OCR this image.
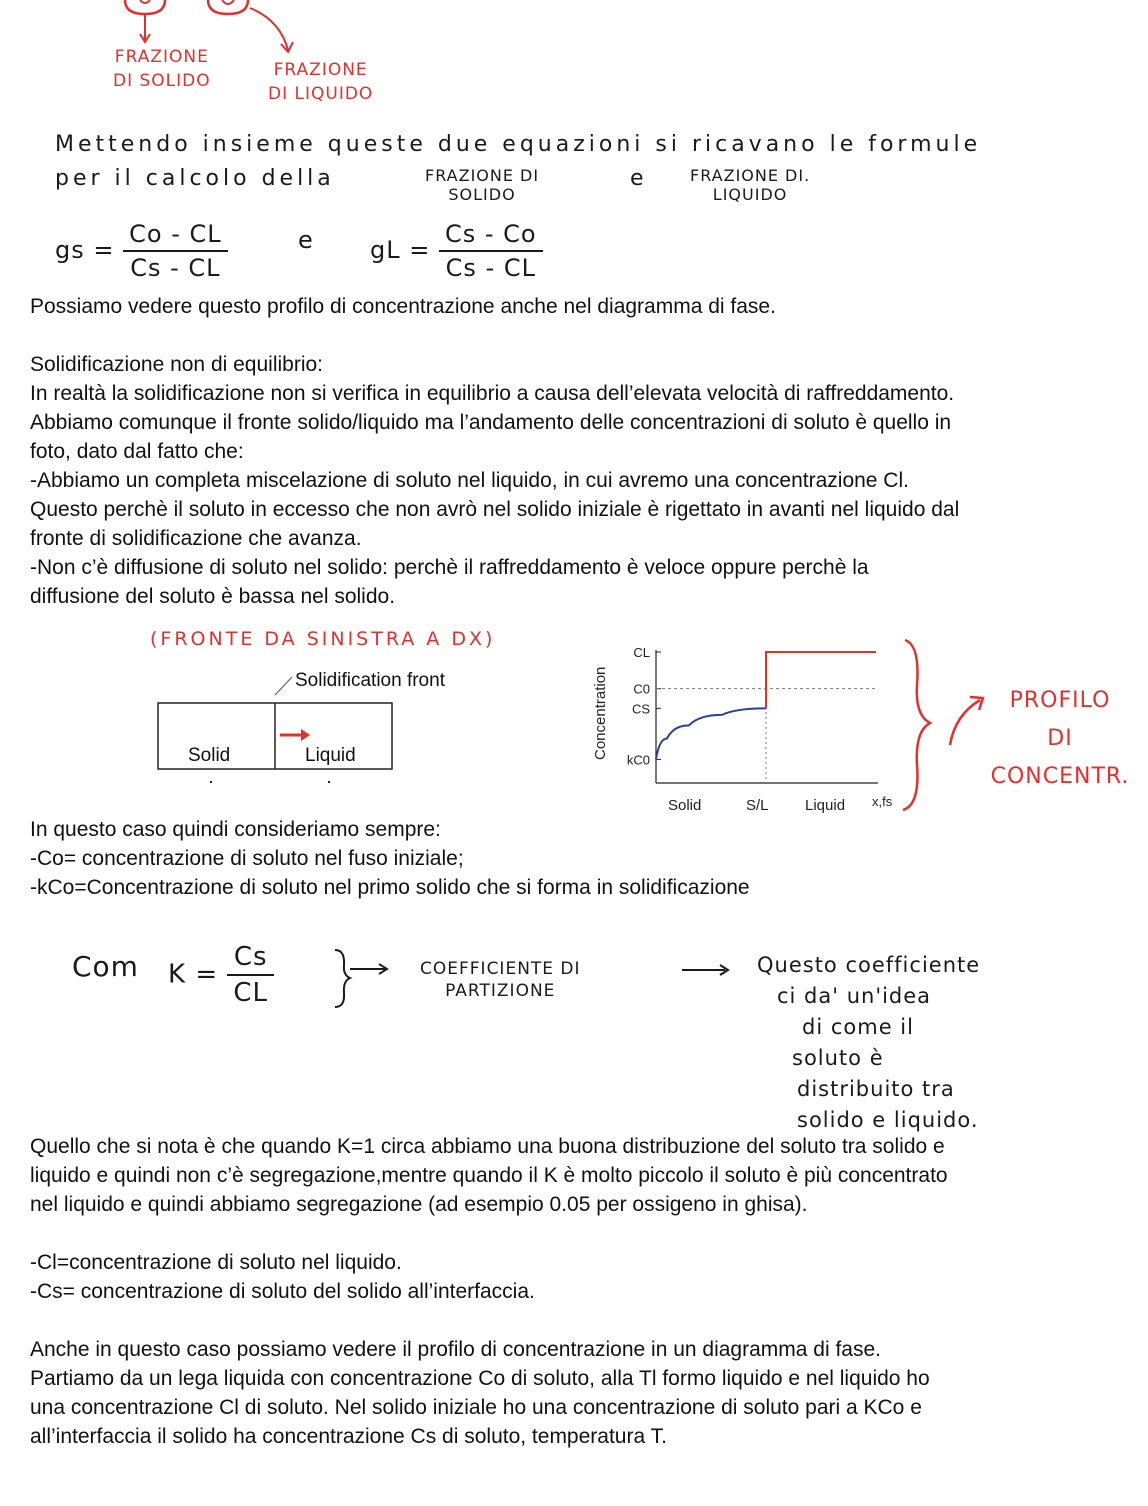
FRAZIONE
DI SOLIDO
FRAZIONE
DI LIQUIDO
Mettendo insieme queste due equazioni si ricavano le formule
per il calcolo della	FRAZIONE DI
SOLIDO
e	FRAZIONE DI.
LIQUIDO
gs = $\frac{Co - CL}{Cs - CL}$	e gL = $\frac{Cs - Co}{Cs - CL}$

Possiamo vedere questo profilo di concentrazione anche nel diagramma di fase.

Solidificazione non di equilibrio:

In realtà la solidificazione non si verifica in equilibrio a causa dell’elevata velocità di raffreddamento.

Abbiamo comunque il fronte solido/liquido ma l’andamento delle concentrazioni di soluto è quello in

foto, dato dal fatto che:

-Abbiamo un completa miscelazione di soluto nel liquido, in cui avremo una concentrazione Cl.

Questo perchè il soluto in eccesso che non avrò nel solido iniziale è rigettato in avanti nel liquido dal

fronte di solidificazione che avanza.

-Non c’è diffusione di soluto nel solido: perchè il raffreddamento è veloce oppure perchè la

diffusione del soluto è bassa nel solido.

(FRONTE DA SINISTRA A DX)
Solidification front
Solid	Liquid	Concentration
CL
C0
CS
kC0
Solid	S/L Liquid x,fs
PROFILO
DI
CONCENTR.

In questo caso quindi consideriamo sempre:

-Co= concentrazione di soluto nel fuso iniziale;

-kCo=Concentrazione di soluto nel primo solido che si forma in solidificazione

Com $K = \frac{Cs}{CL}$	COEFFICIENTE DI
PARTIZIONE
Questo coefficiente
ci da' un'idea
di come il
soluto è
distribuito tra
solido e liquido.

Quello che si nota è che quando K=1 circa abbiamo una buona distribuzione del soluto tra solido e

liquido e quindi non c’è segregazione,mentre quando il K è molto piccolo il soluto è più concentrato

nel liquido e quindi abbiamo segregazione (ad esempio 0.05 per ossigeno in ghisa).

-Cl=concentrazione di soluto nel liquido.

-Cs= concentrazione di soluto del solido all’interfaccia.

Anche in questo caso possiamo vedere il profilo di concentrazione in un diagramma di fase.

Partiamo da un lega liquida con concentrazione Co di soluto, alla Tl formo liquido e nel liquido ho

una concentrazione Cl di soluto. Nel solido iniziale ho una concentrazione di soluto pari a KCo e

all’interfaccia il solido ha concentrazione Cs di soluto, temperatura T.
